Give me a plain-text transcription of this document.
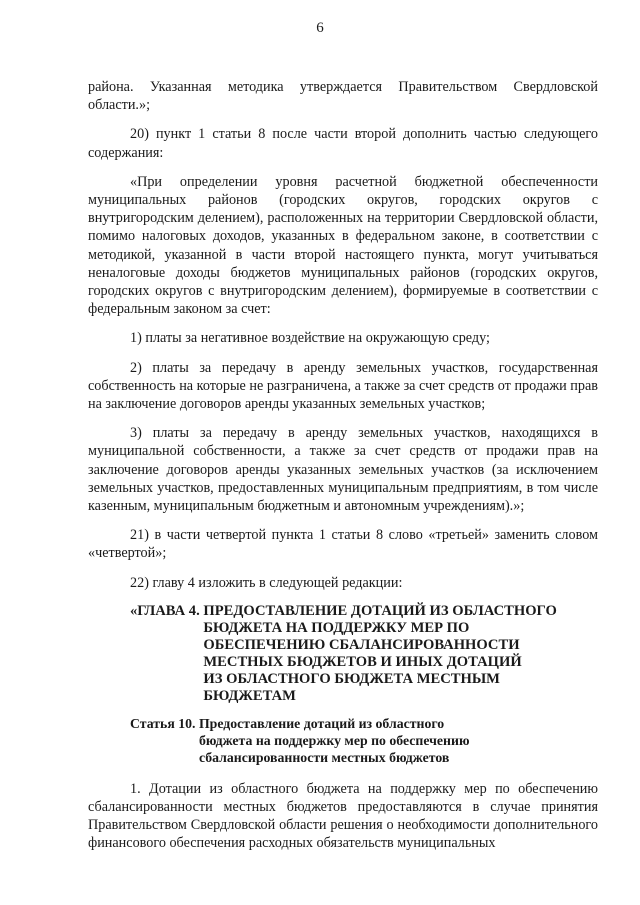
6

района. Указанная методика утверждается Правительством Свердловской области.»;

20) пункт 1 статьи 8 после части второй дополнить частью следующего содержания:

«При определении уровня расчетной бюджетной обеспеченности муниципальных районов (городских округов, городских округов с внутригородским делением), расположенных на территории Свердловской области, помимо налоговых доходов, указанных в федеральном законе, в соответствии с методикой, указанной в части второй настоящего пункта, могут учитываться неналоговые доходы бюджетов муниципальных районов (городских округов, городских округов с внутригородским делением), формируемые в соответствии с федеральным законом за счет:

1) платы за негативное воздействие на окружающую среду;

2) платы за передачу в аренду земельных участков, государственная собственность на которые не разграничена, а также за счет средств от продажи прав на заключение договоров аренды указанных земельных участков;

3) платы за передачу в аренду земельных участков, находящихся в муниципальной собственности, а также за счет средств от продажи прав на заключение договоров аренды указанных земельных участков (за исключением земельных участков, предоставленных муниципальным предприятиям, в том числе казенным, муниципальным бюджетным и автономным учреждениям).»;

21) в части четвертой пункта 1 статьи 8 слово «третьей» заменить словом «четвертой»;

22) главу 4 изложить в следующей редакции:

«ГЛАВА 4. ПРЕДОСТАВЛЕНИЕ ДОТАЦИЙ ИЗ ОБЛАСТНОГО
БЮДЖЕТА НА ПОДДЕРЖКУ МЕР ПО
ОБЕСПЕЧЕНИЮ СБАЛАНСИРОВАННОСТИ
МЕСТНЫХ БЮДЖЕТОВ И ИНЫХ ДОТАЦИЙ
ИЗ ОБЛАСТНОГО БЮДЖЕТА МЕСТНЫМ
БЮДЖЕТАМ
Статья 10. Предоставление дотаций из областного
бюджета на поддержку мер по обеспечению
сбалансированности местных бюджетов

1. Дотации из областного бюджета на поддержку мер по обеспечению сбалансированности местных бюджетов предоставляются в случае принятия Правительством Свердловской области решения о необходимости дополнительного финансового обеспечения расходных обязательств муниципальных
